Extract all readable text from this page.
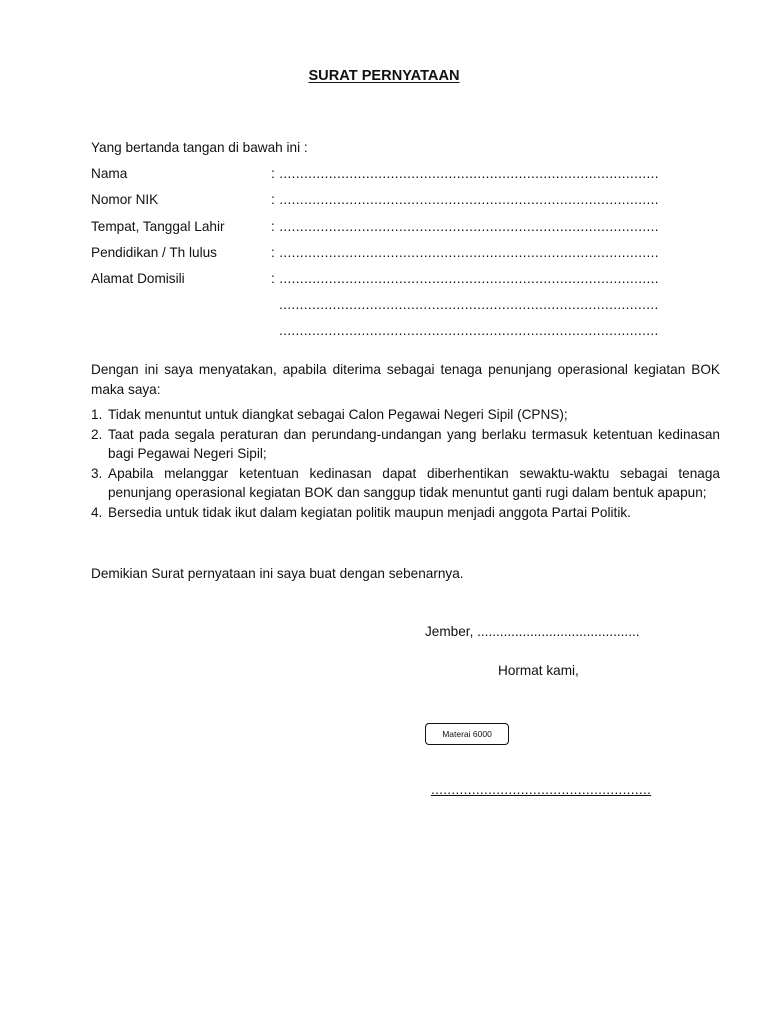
SURAT PERNYATAAN
Yang bertanda tangan di bawah ini :
Nama	: ............................................................................................
Nomor NIK	: ............................................................................................
Tempat, Tanggal Lahir	: ............................................................................................
Pendidikan / Th lulus	: ............................................................................................
Alamat Domisili	: ............................................................................................
............................................................................................
............................................................................................

Dengan ini saya menyatakan, apabila diterima sebagai tenaga penunjang operasional kegiatan BOK maka saya:

1. Tidak menuntut untuk diangkat sebagai Calon Pegawai Negeri Sipil (CPNS);
2. Taat pada segala peraturan dan perundang-undangan yang berlaku termasuk ketentuan kedinasan bagi Pegawai Negeri Sipil;
3. Apabila melanggar ketentuan kedinasan dapat diberhentikan sewaktu-waktu sebagai tenaga penunjang operasional kegiatan BOK dan sanggup tidak menuntut ganti rugi dalam bentuk apapun;
4. Bersedia untuk tidak ikut dalam kegiatan politik maupun menjadi anggota Partai Politik.
Demikian Surat pernyataan ini saya buat dengan sebenarnya.
Jember, ...........................................
Hormat kami,
Materai 6000
......................................................
